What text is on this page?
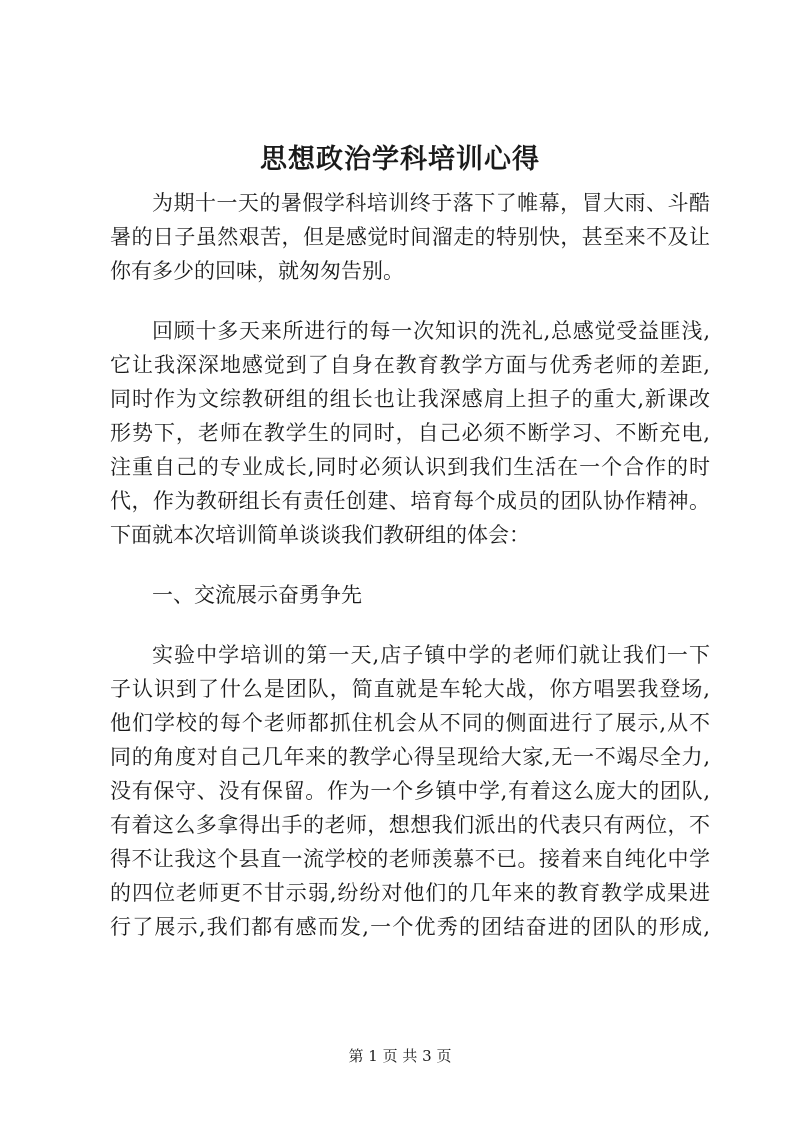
思想政治学科培训心得
为期十一天的暑假学科培训终于落下了帷幕，冒大雨、斗酷
暑的日子虽然艰苦，但是感觉时间溜走的特别快，甚至来不及让
你有多少的回味，就匆匆告别。
回顾十多天来所进行的每一次知识的洗礼,总感觉受益匪浅,
它让我深深地感觉到了自身在教育教学方面与优秀老师的差距,
同时作为文综教研组的组长也让我深感肩上担子的重大,新课改
形势下，老师在教学生的同时，自己必须不断学习、不断充电,
注重自己的专业成长,同时必须认识到我们生活在一个合作的时
代，作为教研组长有责任创建、培育每个成员的团队协作精神。
下面就本次培训简单谈谈我们教研组的体会：
一、交流展示奋勇争先
实验中学培训的第一天,店子镇中学的老师们就让我们一下
子认识到了什么是团队，简直就是车轮大战，你方唱罢我登场,
他们学校的每个老师都抓住机会从不同的侧面进行了展示,从不
同的角度对自己几年来的教学心得呈现给大家,无一不竭尽全力,
没有保守、没有保留。作为一个乡镇中学,有着这么庞大的团队,
有着这么多拿得出手的老师，想想我们派出的代表只有两位，不
得不让我这个县直一流学校的老师羡慕不已。接着来自纯化中学
的四位老师更不甘示弱,纷纷对他们的几年来的教育教学成果进
行了展示,我们都有感而发,一个优秀的团结奋进的团队的形成,

第 1 页 共 3 页
